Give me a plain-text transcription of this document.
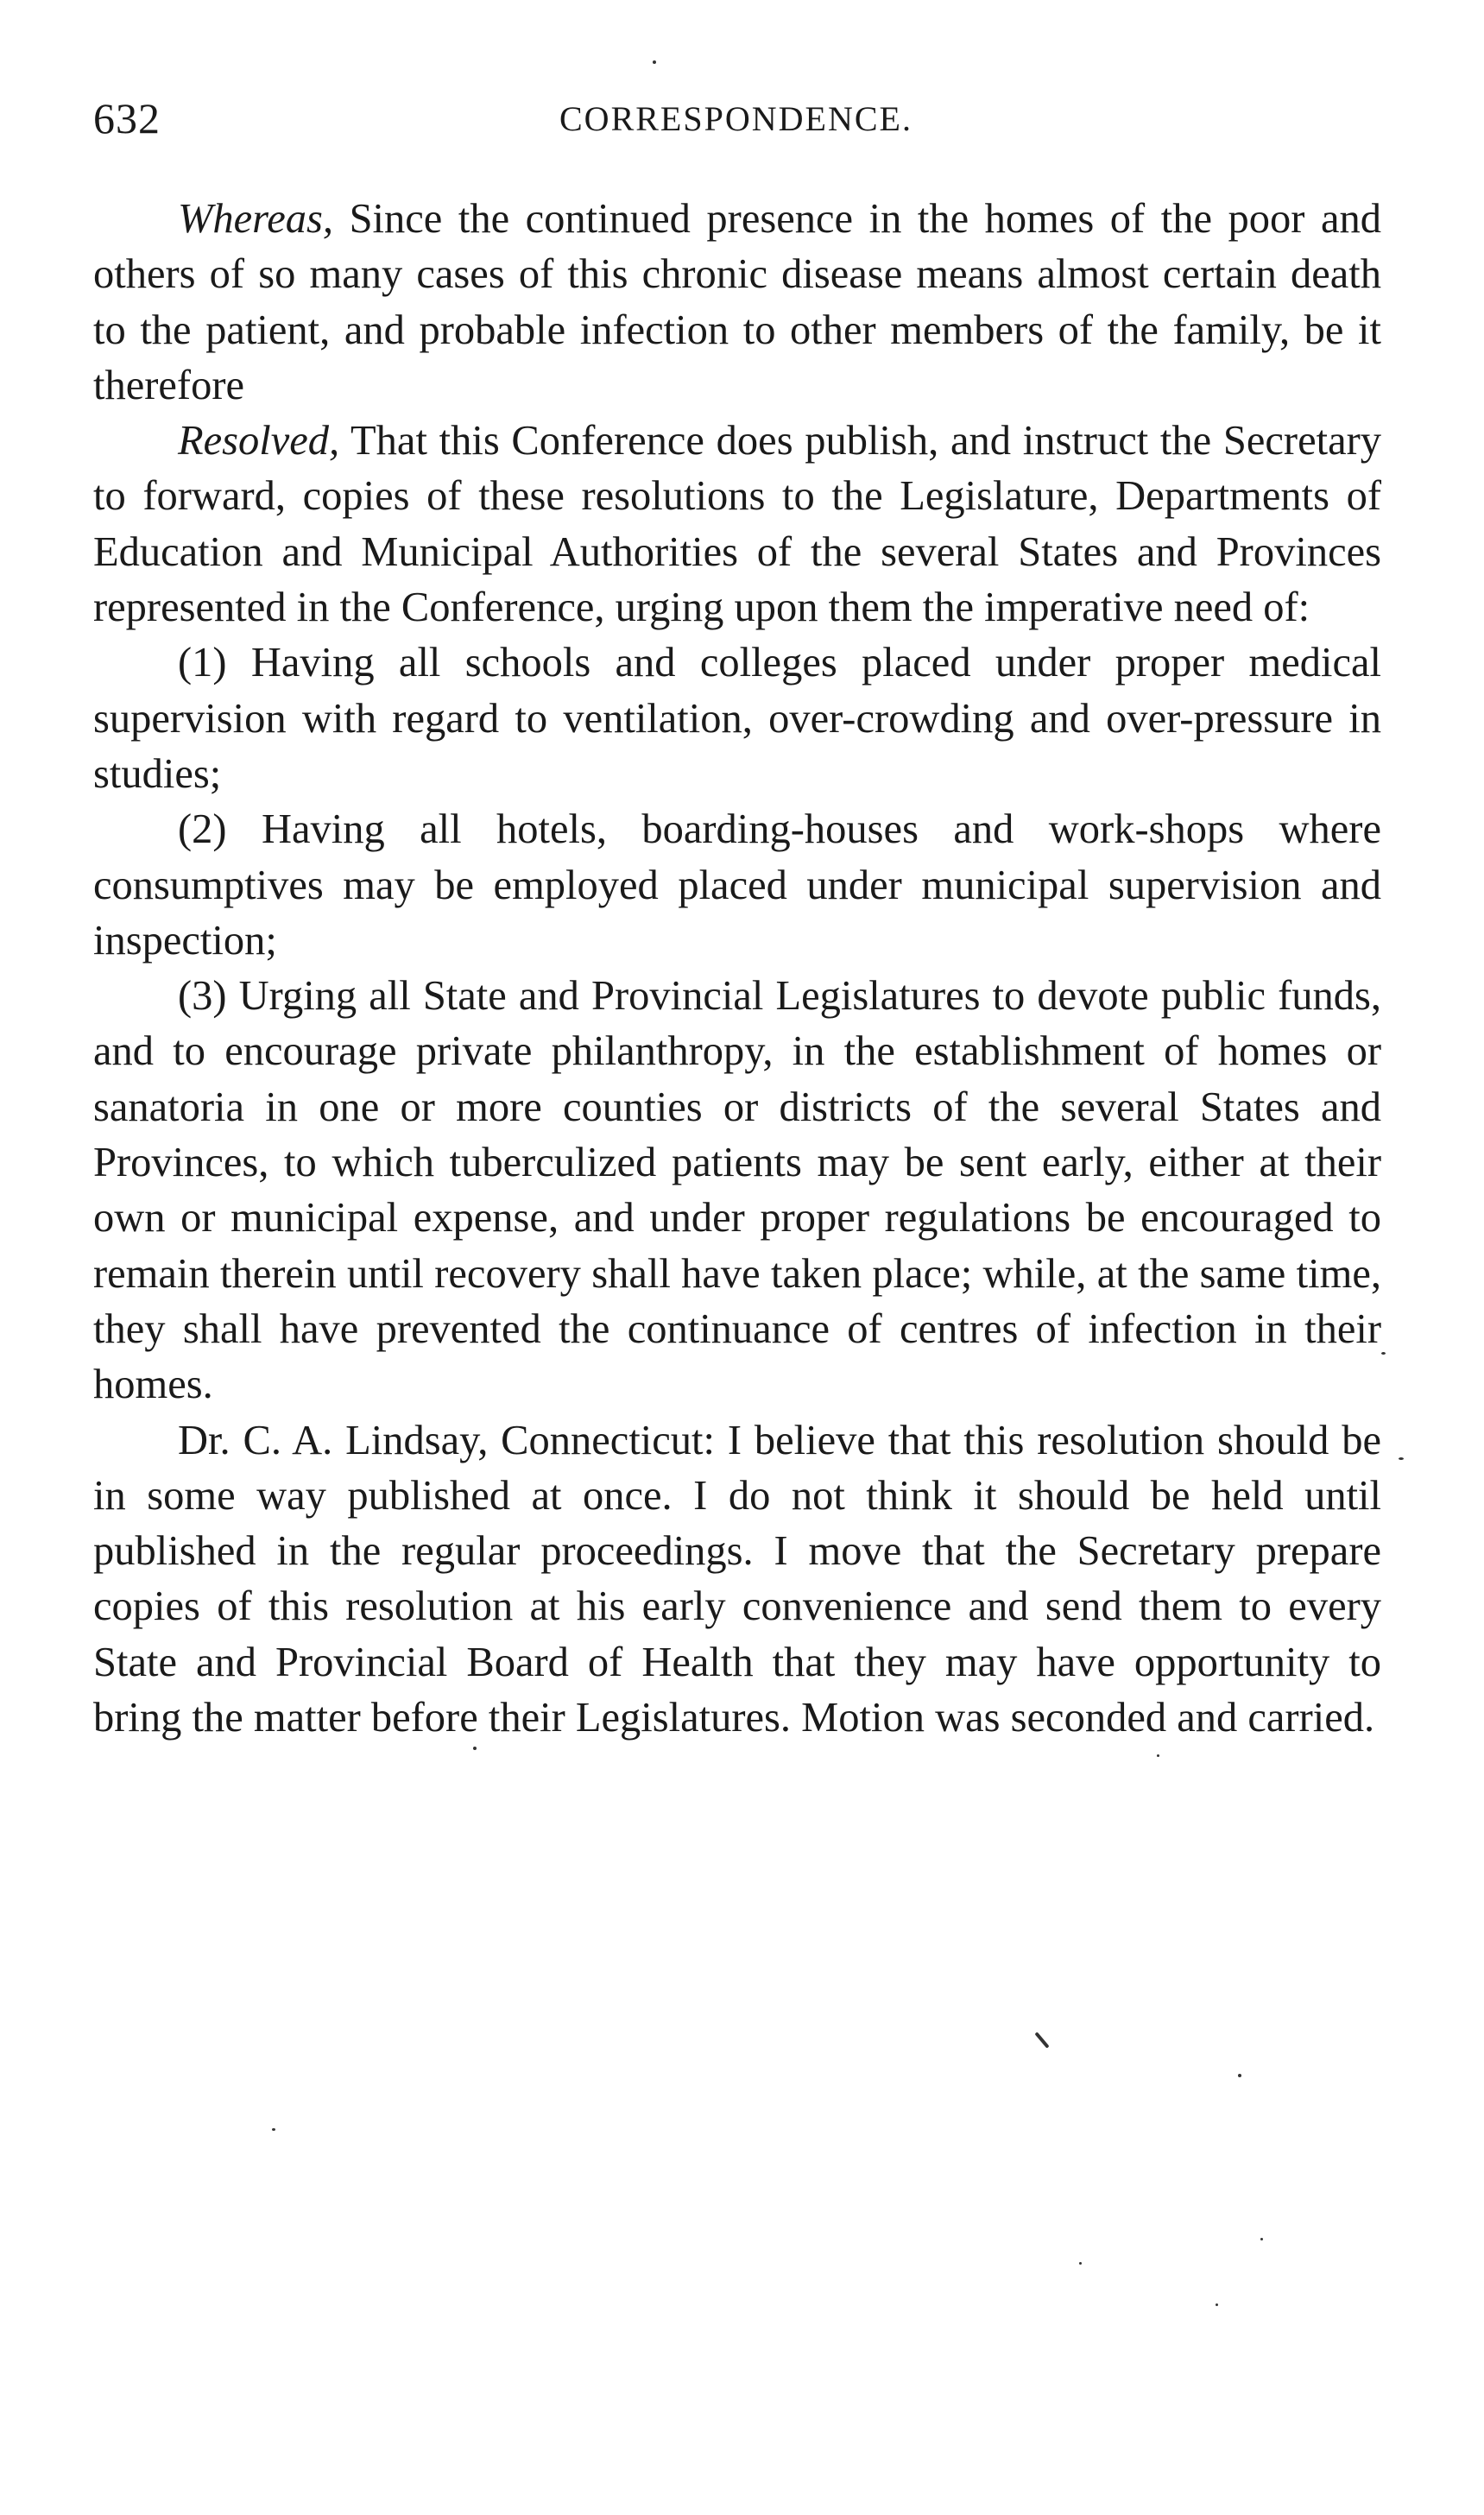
632	CORRESPONDENCE.

Whereas, Since the continued presence in the homes of the poor and others of so many cases of this chronic disease means almost certain death to the patient, and probable infection to other members of the family, be it therefore

Resolved, That this Conference does publish, and instruct the Secretary to forward, copies of these resolutions to the Legislature, Departments of Education and Municipal Authorities of the several States and Provinces represented in the Conference, urging upon them the imperative need of:

(1) Having all schools and colleges placed under proper medical supervision with regard to ventilation, over-crowding and over-pressure in studies;

(2) Having all hotels, boarding-houses and work-shops where consumptives may be employed placed under municipal supervision and inspection;

(3) Urging all State and Provincial Legislatures to devote public funds, and to encourage private philanthropy, in the establishment of homes or sanatoria in one or more counties or districts of the several States and Provinces, to which tuberculized patients may be sent early, either at their own or municipal expense, and under proper regulations be encouraged to remain therein until recovery shall have taken place; while, at the same time, they shall have prevented the continuance of centres of infection in their homes.

Dr. C. A. Lindsay, Connecticut: I believe that this resolution should be in some way published at once. I do not think it should be held until published in the regular proceedings. I move that the Secretary prepare copies of this resolution at his early convenience and send them to every State and Provincial Board of Health that they may have opportunity to bring the matter before their Legislatures. Motion was seconded and carried.
